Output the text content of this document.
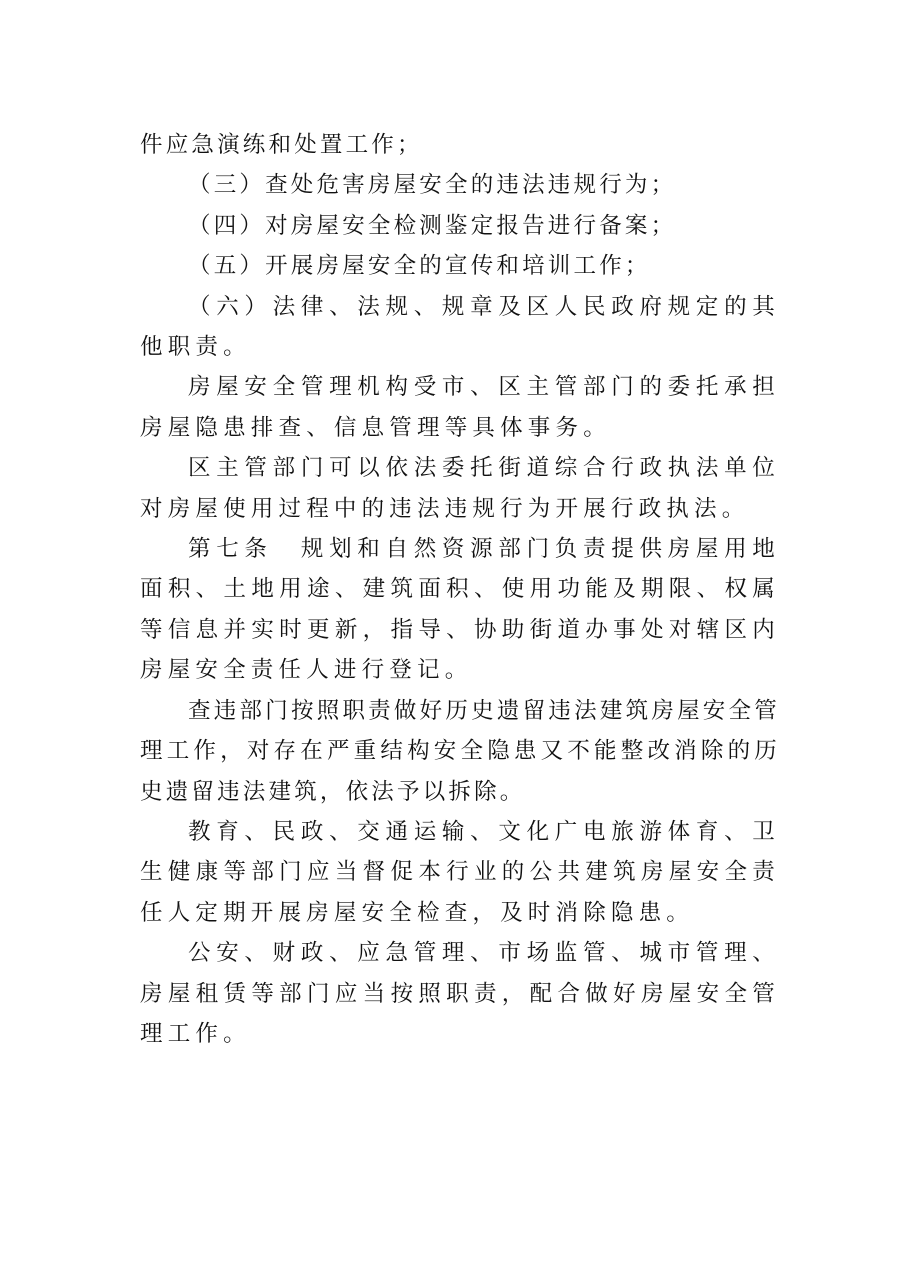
件应急演练和处置工作；

（三）查处危害房屋安全的违法违规行为；

（四）对房屋安全检测鉴定报告进行备案；

（五）开展房屋安全的宣传和培训工作；

（六）法律、法规、规章及区人民政府规定的其他职责。

房屋安全管理机构受市、区主管部门的委托承担房屋隐患排查、信息管理等具体事务。

区主管部门可以依法委托街道综合行政执法单位对房屋使用过程中的违法违规行为开展行政执法。

第七条　规划和自然资源部门负责提供房屋用地面积、土地用途、建筑面积、使用功能及期限、权属等信息并实时更新，指导、协助街道办事处对辖区内房屋安全责任人进行登记。

查违部门按照职责做好历史遗留违法建筑房屋安全管理工作，对存在严重结构安全隐患又不能整改消除的历史遗留违法建筑，依法予以拆除。

教育、民政、交通运输、文化广电旅游体育、卫生健康等部门应当督促本行业的公共建筑房屋安全责任人定期开展房屋安全检查，及时消除隐患。

公安、财政、应急管理、市场监管、城市管理、房屋租赁等部门应当按照职责，配合做好房屋安全管理工作。
